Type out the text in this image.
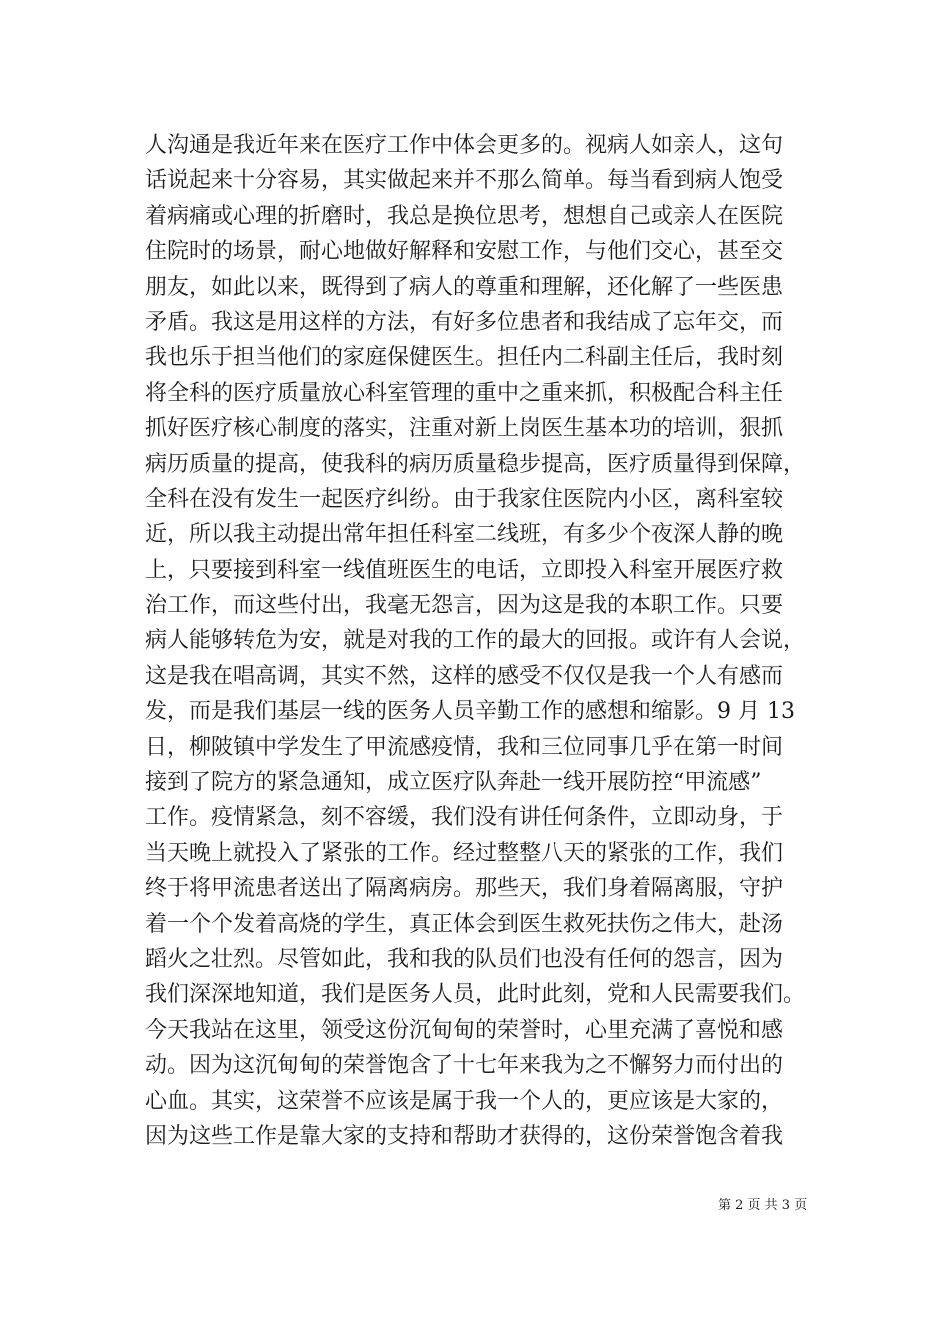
人沟通是我近年来在医疗工作中体会更多的。视病人如亲人，这句
话说起来十分容易，其实做起来并不那么简单。每当看到病人饱受
着病痛或心理的折磨时，我总是换位思考，想想自己或亲人在医院
住院时的场景，耐心地做好解释和安慰工作，与他们交心，甚至交
朋友，如此以来，既得到了病人的尊重和理解，还化解了一些医患
矛盾。我这是用这样的方法，有好多位患者和我结成了忘年交，而
我也乐于担当他们的家庭保健医生。担任内二科副主任后，我时刻
将全科的医疗质量放心科室管理的重中之重来抓，积极配合科主任
抓好医疗核心制度的落实，注重对新上岗医生基本功的培训，狠抓
病历质量的提高，使我科的病历质量稳步提高，医疗质量得到保障，
全科在没有发生一起医疗纠纷。由于我家住医院内小区，离科室较
近，所以我主动提出常年担任科室二线班，有多少个夜深人静的晚
上，只要接到科室一线值班医生的电话，立即投入科室开展医疗救
治工作，而这些付出，我毫无怨言，因为这是我的本职工作。只要
病人能够转危为安，就是对我的工作的最大的回报。或许有人会说，
这是我在唱高调，其实不然，这样的感受不仅仅是我一个人有感而
发，而是我们基层一线的医务人员辛勤工作的感想和缩影。9 月 13
日，柳陂镇中学发生了甲流感疫情，我和三位同事几乎在第一时间
接到了院方的紧急通知，成立医疗队奔赴一线开展防控“甲流感”
工作。疫情紧急，刻不容缓，我们没有讲任何条件，立即动身，于
当天晚上就投入了紧张的工作。经过整整八天的紧张的工作，我们
终于将甲流患者送出了隔离病房。那些天，我们身着隔离服，守护
着一个个发着高烧的学生，真正体会到医生救死扶伤之伟大，赴汤
蹈火之壮烈。尽管如此，我和我的队员们也没有任何的怨言，因为
我们深深地知道，我们是医务人员，此时此刻，党和人民需要我们。
今天我站在这里，领受这份沉甸甸的荣誉时，心里充满了喜悦和感
动。因为这沉甸甸的荣誉饱含了十七年来我为之不懈努力而付出的
心血。其实，这荣誉不应该是属于我一个人的，更应该是大家的，
因为这些工作是靠大家的支持和帮助才获得的，这份荣誉饱含着我
第 2 页 共 3 页
